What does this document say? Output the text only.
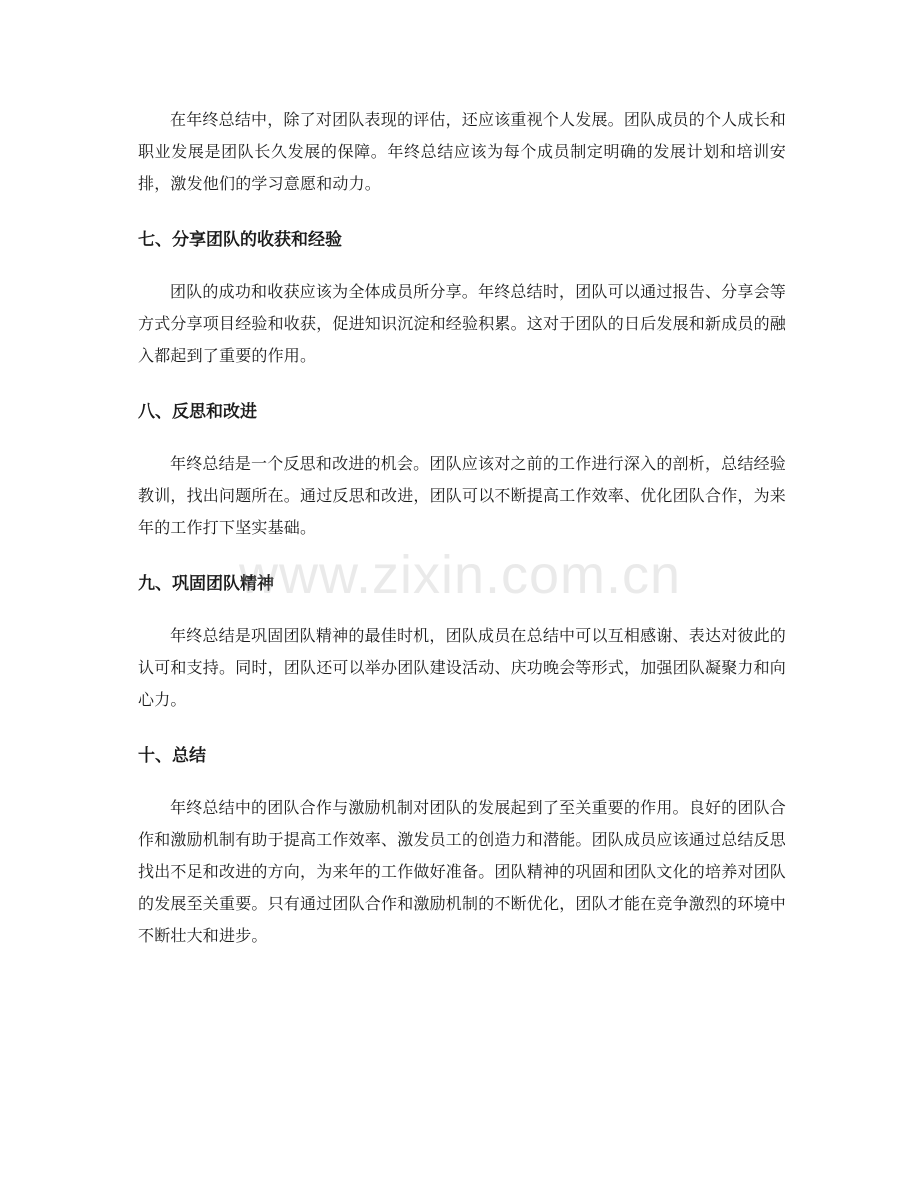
在年终总结中，除了对团队表现的评估，还应该重视个人发展。团队成员的个人成长和职业发展是团队长久发展的保障。年终总结应该为每个成员制定明确的发展计划和培训安排，激发他们的学习意愿和动力。

七、分享团队的收获和经验

团队的成功和收获应该为全体成员所分享。年终总结时，团队可以通过报告、分享会等方式分享项目经验和收获，促进知识沉淀和经验积累。这对于团队的日后发展和新成员的融入都起到了重要的作用。

八、反思和改进

年终总结是一个反思和改进的机会。团队应该对之前的工作进行深入的剖析，总结经验教训，找出问题所在。通过反思和改进，团队可以不断提高工作效率、优化团队合作，为来年的工作打下坚实基础。

九、巩固团队精神

年终总结是巩固团队精神的最佳时机，团队成员在总结中可以互相感谢、表达对彼此的认可和支持。同时，团队还可以举办团队建设活动、庆功晚会等形式，加强团队凝聚力和向心力。

十、总结

年终总结中的团队合作与激励机制对团队的发展起到了至关重要的作用。良好的团队合作和激励机制有助于提高工作效率、激发员工的创造力和潜能。团队成员应该通过总结反思找出不足和改进的方向，为来年的工作做好准备。团队精神的巩固和团队文化的培养对团队的发展至关重要。只有通过团队合作和激励机制的不断优化，团队才能在竞争激烈的环境中不断壮大和进步。

www.zixin.com.cn
